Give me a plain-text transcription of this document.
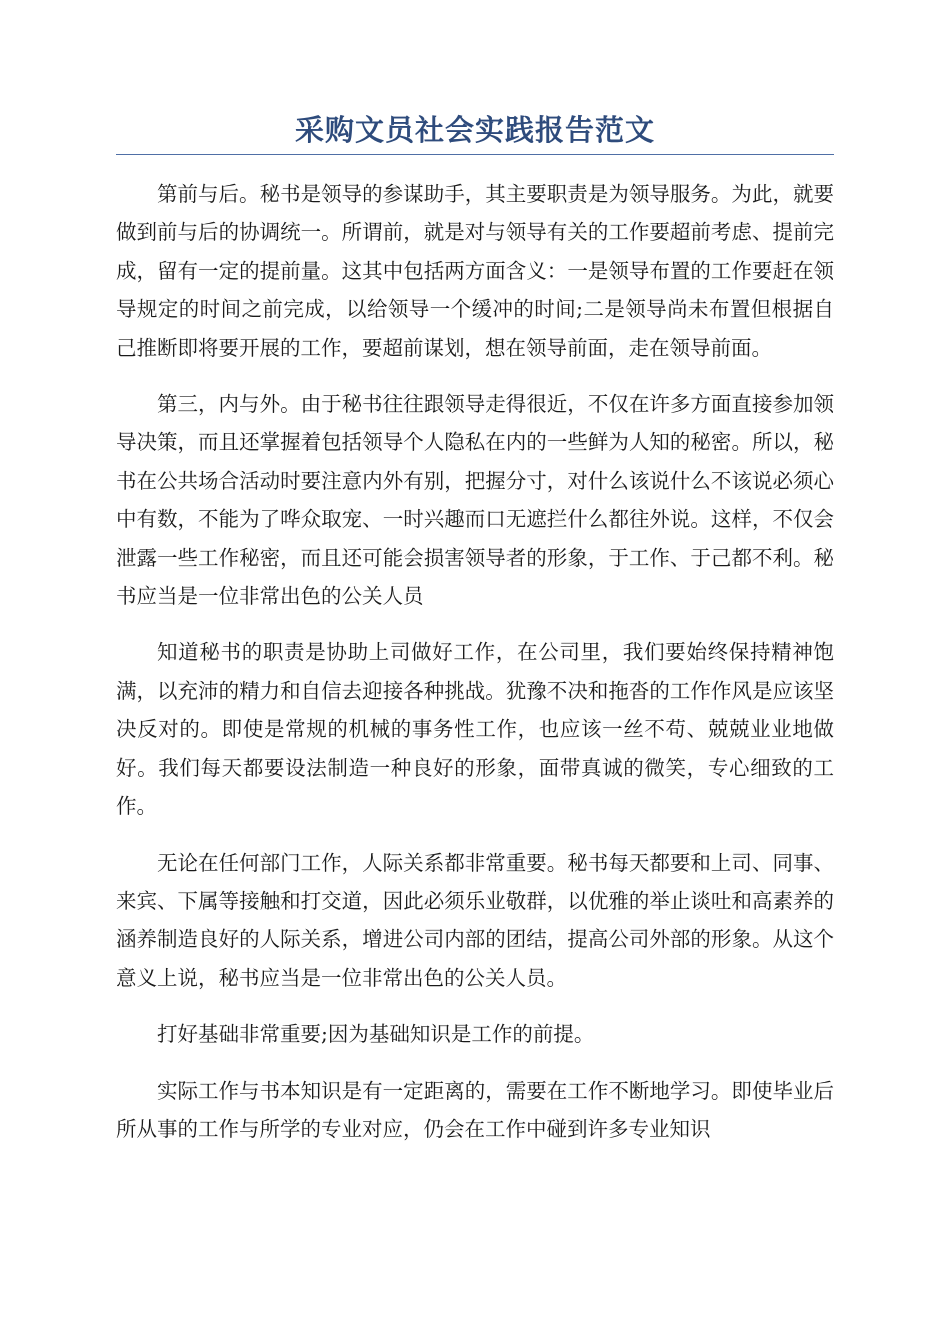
采购文员社会实践报告范文

第前与后。秘书是领导的参谋助手，其主要职责是为领导服务。为此，就要做到前与后的协调统一。所谓前，就是对与领导有关的工作要超前考虑、提前完成，留有一定的提前量。这其中包括两方面含义：一是领导布置的工作要赶在领导规定的时间之前完成，以给领导一个缓冲的时间;二是领导尚未布置但根据自己推断即将要开展的工作，要超前谋划，想在领导前面，走在领导前面。

第三，内与外。由于秘书往往跟领导走得很近，不仅在许多方面直接参加领导决策，而且还掌握着包括领导个人隐私在内的一些鲜为人知的秘密。所以，秘书在公共场合活动时要注意内外有别，把握分寸，对什么该说什么不该说必须心中有数，不能为了哗众取宠、一时兴趣而口无遮拦什么都往外说。这样，不仅会泄露一些工作秘密，而且还可能会损害领导者的形象，于工作、于己都不利。秘书应当是一位非常出色的公关人员

知道秘书的职责是协助上司做好工作，在公司里，我们要始终保持精神饱满，以充沛的精力和自信去迎接各种挑战。犹豫不决和拖沓的工作作风是应该坚决反对的。即使是常规的机械的事务性工作，也应该一丝不苟、兢兢业业地做好。我们每天都要设法制造一种良好的形象，面带真诚的微笑，专心细致的工作。

无论在任何部门工作，人际关系都非常重要。秘书每天都要和上司、同事、来宾、下属等接触和打交道，因此必须乐业敬群，以优雅的举止谈吐和高素养的涵养制造良好的人际关系，增进公司内部的团结，提高公司外部的形象。从这个意义上说，秘书应当是一位非常出色的公关人员。

打好基础非常重要;因为基础知识是工作的前提。

实际工作与书本知识是有一定距离的，需要在工作不断地学习。即使毕业后所从事的工作与所学的专业对应，仍会在工作中碰到许多专业知识
